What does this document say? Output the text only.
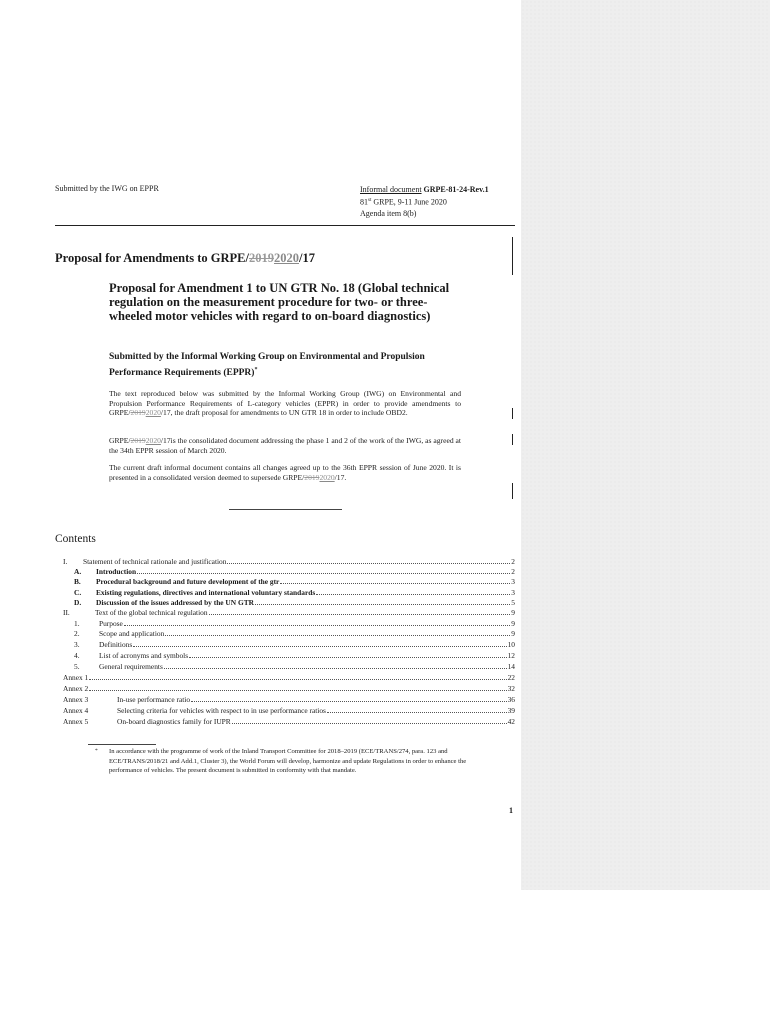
Submitted by the IWG on EPPR	Informal document GRPE-81-24-Rev.1
81st GRPE, 9-11 June 2020
Agenda item 8(b)
Proposal for Amendments to GRPE/20192020/17
Proposal for Amendment 1 to UN GTR No. 18 (Global technical regulation on the measurement procedure for two- or three-wheeled motor vehicles with regard to on-board diagnostics)
Submitted by the Informal Working Group on Environmental and Propulsion Performance Requirements (EPPR)*
The text reproduced below was submitted by the Informal Working Group (IWG) on Environmental and Propulsion Performance Requirements of L-category vehicles (EPPR) in order to provide amendments to GRPE/20192020/17, the draft proposal for amendments to UN GTR 18 in order to include OBD2.
GRPE/20192020/17is the consolidated document addressing the phase 1 and 2 of the work of the IWG, as agreed at the 34th EPPR session of March 2020.
The current draft informal document contains all changes agreed up to the 36th EPPR session of June 2020. It is presented in a consolidated version deemed to supersede GRPE/20192020/17.
Contents
I.	Statement of technical rationale and justification	2
A.	Introduction	2
B.	Procedural background and future development of the gtr	3
C.	Existing regulations, directives and international voluntary standards	3
D.	Discussion of the issues addressed by the UN GTR	5
II.	Text of the global technical regulation	9
1.	Purpose	9
2.	Scope and application	9
3.	Definitions	10
4.	List of acronyms and symbols	12
5.	General requirements	14
Annex 1	22
Annex 2	32
Annex 3	In-use performance ratio	36
Annex 4	Selecting criteria for vehicles with respect to in use performance ratios	39
Annex 5	On-board diagnostics family for IUPR	42
* In accordance with the programme of work of the Inland Transport Committee for 2018–2019 (ECE/TRANS/274, para. 123 and ECE/TRANS/2018/21 and Add.1, Cluster 3), the World Forum will develop, harmonize and update Regulations in order to enhance the performance of vehicles. The present document is submitted in conformity with that mandate.
1
